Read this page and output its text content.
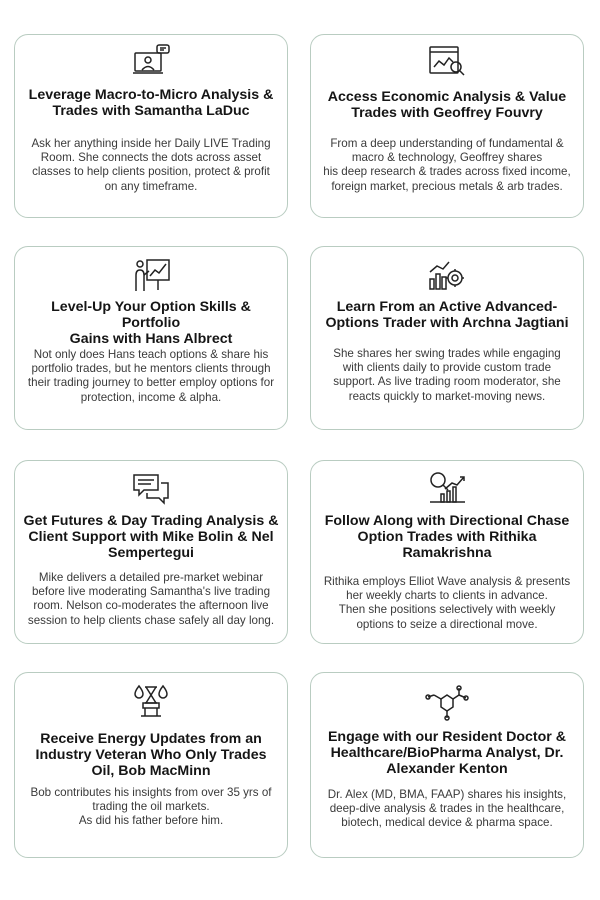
Leverage Macro-to-Micro Analysis &
Trades with Samantha LaDuc
Ask her anything inside her Daily LIVE Trading
Room. She connects the dots across asset
classes to help clients position, protect & profit
on any timeframe.
Access Economic Analysis & Value
Trades with Geoffrey Fouvry
From a deep understanding of fundamental &
macro & technology, Geoffrey shares
his deep research & trades across fixed income,
foreign market, precious metals & arb trades.
Level-Up Your Option Skills & Portfolio
Gains with Hans Albrect
Not only does Hans teach options & share his
portfolio trades, but he mentors clients through
their trading journey to better employ options for
protection, income & alpha.
Learn From an Active Advanced-
Options Trader with Archna Jagtiani
She shares her swing trades while engaging
with clients daily to provide custom trade
support. As live trading room moderator, she
reacts quickly to market-moving news.
Get Futures & Day Trading Analysis &
Client Support with Mike Bolin & Nel
Sempertegui
Mike delivers a detailed pre-market webinar
before live moderating Samantha's live trading
room. Nelson co-moderates the afternoon live
session to help clients chase safely all day long.
Follow Along with Directional Chase
Option Trades with Rithika
Ramakrishna
Rithika employs Elliot Wave analysis & presents
her weekly charts to clients in advance.
Then she positions selectively with weekly
options to seize a directional move.
Receive Energy Updates from an
Industry Veteran Who Only Trades
Oil, Bob MacMinn
Bob contributes his insights from over 35 yrs of
trading the oil markets.
As did his father before him.
Engage with our Resident Doctor &
Healthcare/BioPharma Analyst, Dr.
Alexander Kenton
Dr. Alex (MD, BMA, FAAP) shares his insights,
deep-dive analysis & trades in the healthcare,
biotech, medical device & pharma space.
